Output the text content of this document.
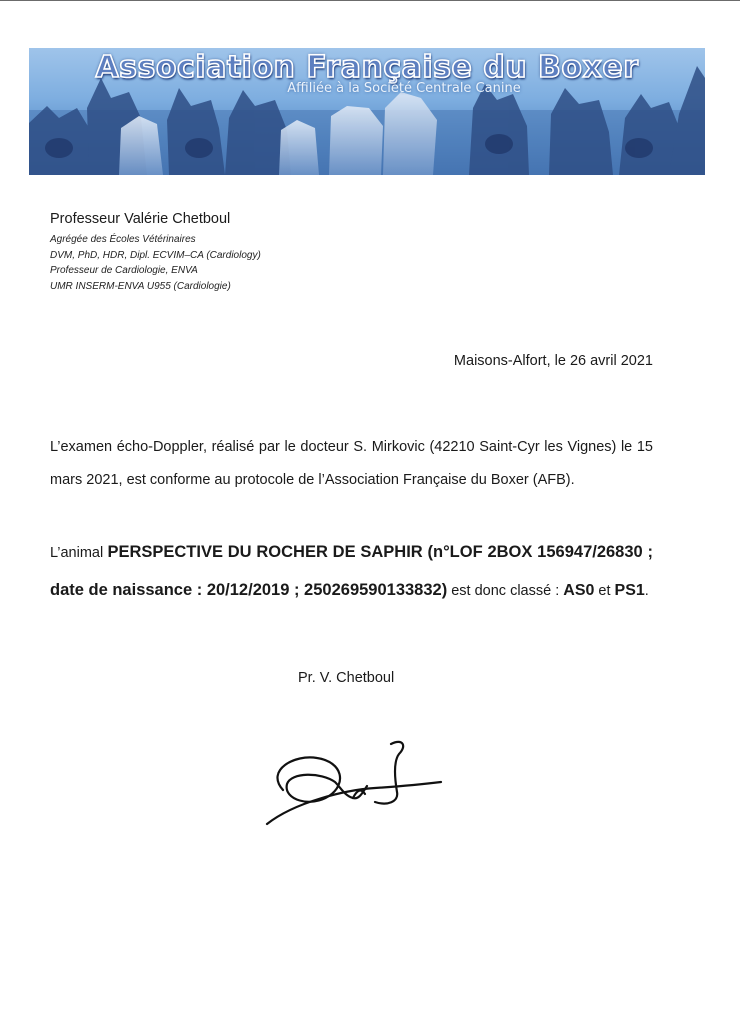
Association Française du Boxer
Affiliée à la Société Centrale Canine
Professeur Valérie Chetboul
Agrégée des Écoles Vétérinaires
DVM, PhD, HDR, Dipl. ECVIM–CA (Cardiology)
Professeur de Cardiologie, ENVA
UMR INSERM-ENVA U955 (Cardiologie)
Maisons-Alfort, le 26 avril 2021
L’examen écho-Doppler, réalisé par le docteur S. Mirkovic (42210 Saint-Cyr les Vignes) le 15 mars 2021, est conforme au protocole de l’Association Française du Boxer (AFB).
L’animal PERSPECTIVE DU ROCHER DE SAPHIR (n°LOF 2BOX 156947/26830 ; date de naissance : 20/12/2019 ; 250269590133832) est donc classé : AS0 et PS1.
Pr. V. Chetboul
